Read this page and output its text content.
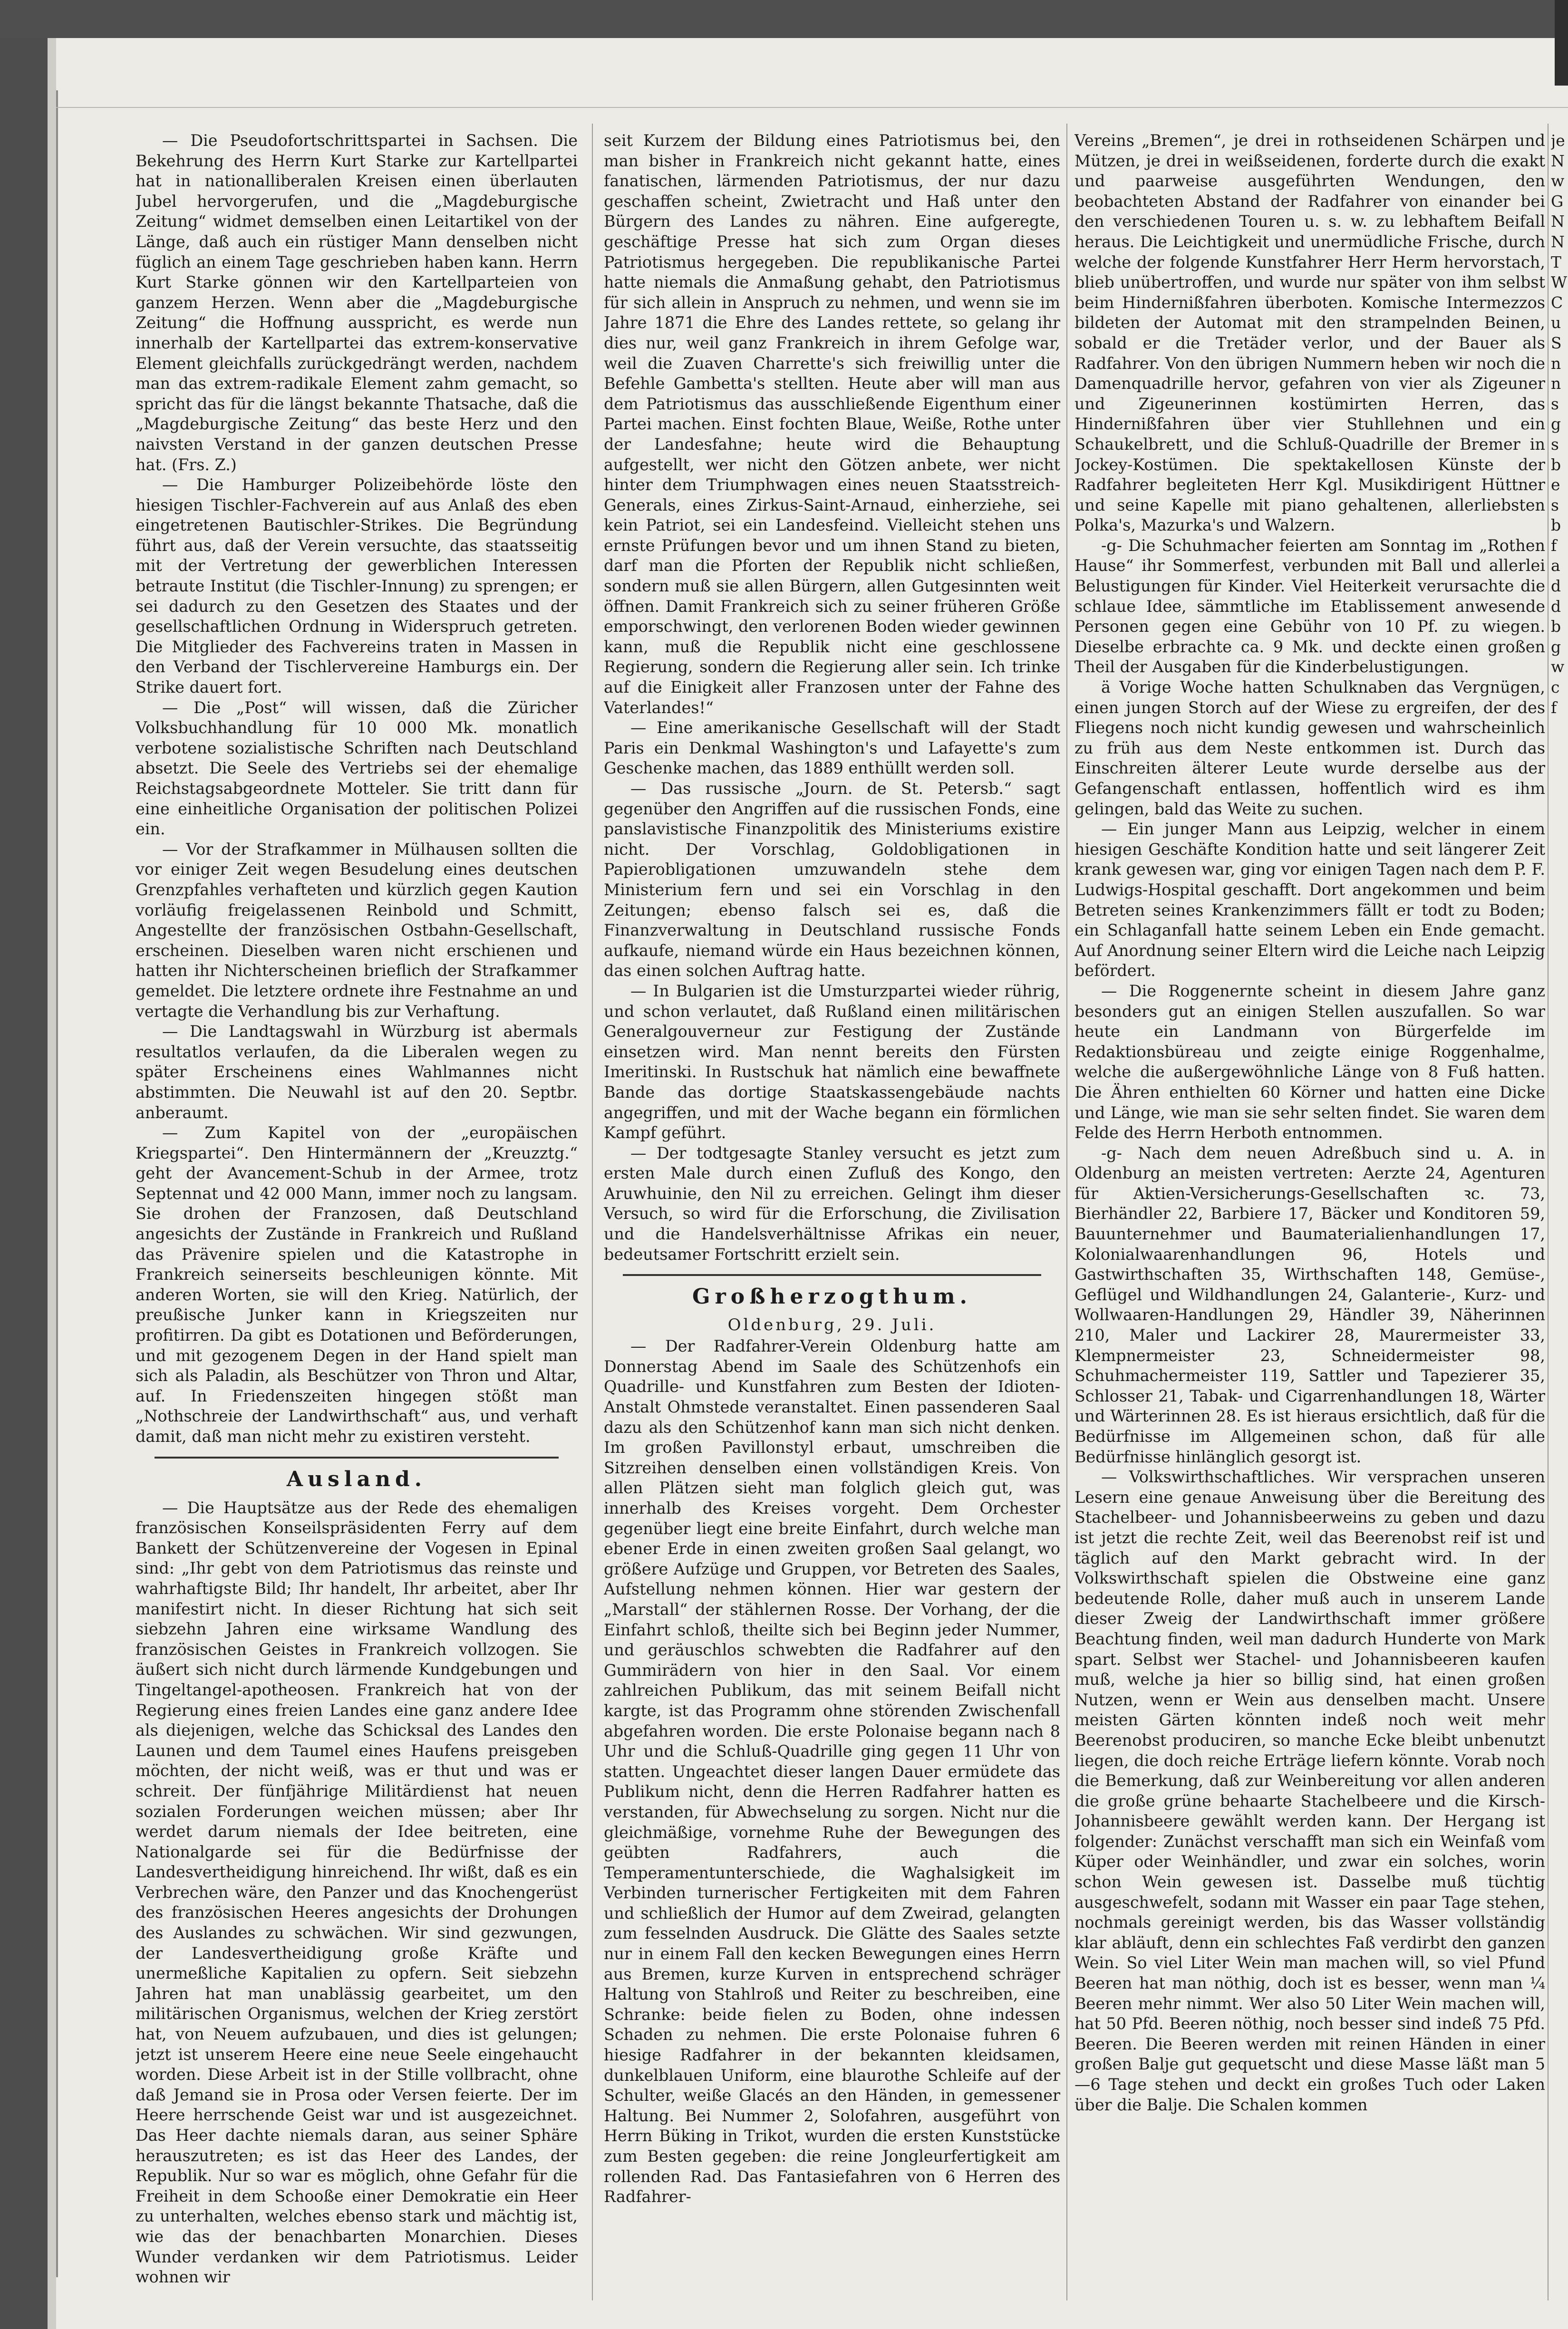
— Die Pseudofortschrittspartei in Sachsen. Die Bekehrung des Herrn Kurt Starke zur Kartellpartei hat in nationalliberalen Kreisen einen überlauten Jubel hervorgerufen, und die „Magdeburgische Zeitung“ widmet demselben einen Leitartikel von der Länge, daß auch ein rüstiger Mann denselben nicht füglich an einem Tage geschrieben haben kann. Herrn Kurt Starke gönnen wir den Kartellparteien von ganzem Herzen. Wenn aber die „Magdeburgische Zeitung“ die Hoffnung ausspricht, es werde nun innerhalb der Kartellpartei das extrem-konservative Element gleichfalls zurückgedrängt werden, nachdem man das extrem-radikale Element zahm gemacht, so spricht das für die längst bekannte Thatsache, daß die „Magdeburgische Zeitung“ das beste Herz und den naivsten Verstand in der ganzen deutschen Presse hat. (Frs. Z.)

— Die Hamburger Polizeibehörde löste den hiesigen Tischler-Fachverein auf aus Anlaß des eben eingetretenen Bautischler-Strikes. Die Begründung führt aus, daß der Verein versuchte, das staatsseitig mit der Vertretung der gewerblichen Interessen betraute Institut (die Tischler-Innung) zu sprengen; er sei dadurch zu den Gesetzen des Staates und der gesellschaftlichen Ordnung in Widerspruch getreten. Die Mitglieder des Fachvereins traten in Massen in den Verband der Tischlervereine Hamburgs ein. Der Strike dauert fort.

— Die „Post“ will wissen, daß die Züricher Volksbuchhandlung für 10 000 Mk. monatlich verbotene sozialistische Schriften nach Deutschland absetzt. Die Seele des Vertriebs sei der ehemalige Reichstagsabgeordnete Motteler. Sie tritt dann für eine einheitliche Organisation der politischen Polizei ein.

— Vor der Strafkammer in Mülhausen sollten die vor einiger Zeit wegen Besudelung eines deutschen Grenzpfahles verhafteten und kürzlich gegen Kaution vorläufig freigelassenen Reinbold und Schmitt, Angestellte der französischen Ostbahn-Gesellschaft, erscheinen. Dieselben waren nicht erschienen und hatten ihr Nichterscheinen brieflich der Strafkammer gemeldet. Die letztere ordnete ihre Festnahme an und vertagte die Verhandlung bis zur Verhaftung.

— Die Landtagswahl in Würzburg ist abermals resultatlos verlaufen, da die Liberalen wegen zu später Erscheinens eines Wahlmannes nicht abstimmten. Die Neuwahl ist auf den 20. Septbr. anberaumt.

— Zum Kapitel von der „europäischen Kriegspartei“. Den Hintermännern der „Kreuzztg.“ geht der Avancement-Schub in der Armee, trotz Septennat und 42 000 Mann, immer noch zu langsam. Sie drohen der Franzosen, daß Deutschland angesichts der Zustände in Frankreich und Rußland das Prävenire spielen und die Katastrophe in Frankreich seinerseits beschleunigen könnte. Mit anderen Worten, sie will den Krieg. Natürlich, der preußische Junker kann in Kriegszeiten nur profitirren. Da gibt es Dotationen und Beförderungen, und mit gezogenem Degen in der Hand spielt man sich als Paladin, als Beschützer von Thron und Altar, auf. In Friedenszeiten hingegen stößt man „Nothschreie der Landwirthschaft“ aus, und verhaft damit, daß man nicht mehr zu existiren versteht.

Ausland.

— Die Hauptsätze aus der Rede des ehemaligen französischen Konseilspräsidenten Ferry auf dem Bankett der Schützenvereine der Vogesen in Epinal sind: „Ihr gebt von dem Patriotismus das reinste und wahrhaftigste Bild; Ihr handelt, Ihr arbeitet, aber Ihr manifestirt nicht. In dieser Richtung hat sich seit siebzehn Jahren eine wirksame Wandlung des französischen Geistes in Frankreich vollzogen. Sie äußert sich nicht durch lärmende Kundgebungen und Tingeltangel-apotheosen. Frankreich hat von der Regierung eines freien Landes eine ganz andere Idee als diejenigen, welche das Schicksal des Landes den Launen und dem Taumel eines Haufens preisgeben möchten, der nicht weiß, was er thut und was er schreit. Der fünfjährige Militärdienst hat neuen sozialen Forderungen weichen müssen; aber Ihr werdet darum niemals der Idee beitreten, eine Nationalgarde sei für die Bedürfnisse der Landesvertheidigung hinreichend. Ihr wißt, daß es ein Verbrechen wäre, den Panzer und das Knochengerüst des französischen Heeres angesichts der Drohungen des Auslandes zu schwächen. Wir sind gezwungen, der Landesvertheidigung große Kräfte und unermeßliche Kapitalien zu opfern. Seit siebzehn Jahren hat man unablässig gearbeitet, um den militärischen Organismus, welchen der Krieg zerstört hat, von Neuem aufzubauen, und dies ist gelungen; jetzt ist unserem Heere eine neue Seele eingehaucht worden. Diese Arbeit ist in der Stille vollbracht, ohne daß Jemand sie in Prosa oder Versen feierte. Der im Heere herrschende Geist war und ist ausgezeichnet. Das Heer dachte niemals daran, aus seiner Sphäre herauszutreten; es ist das Heer des Landes, der Republik. Nur so war es möglich, ohne Gefahr für die Freiheit in dem Schooße einer Demokratie ein Heer zu unterhalten, welches ebenso stark und mächtig ist, wie das der benachbarten Monarchien. Dieses Wunder verdanken wir dem Patriotismus. Leider wohnen wir

seit Kurzem der Bildung eines Patriotismus bei, den man bisher in Frankreich nicht gekannt hatte, eines fanatischen, lärmenden Patriotismus, der nur dazu geschaffen scheint, Zwietracht und Haß unter den Bürgern des Landes zu nähren. Eine aufgeregte, geschäftige Presse hat sich zum Organ dieses Patriotismus hergegeben. Die republikanische Partei hatte niemals die Anmaßung gehabt, den Patriotismus für sich allein in Anspruch zu nehmen, und wenn sie im Jahre 1871 die Ehre des Landes rettete, so gelang ihr dies nur, weil ganz Frankreich in ihrem Gefolge war, weil die Zuaven Charrette's sich freiwillig unter die Befehle Gambetta's stellten. Heute aber will man aus dem Patriotismus das ausschließende Eigenthum einer Partei machen. Einst fochten Blaue, Weiße, Rothe unter der Landesfahne; heute wird die Behauptung aufgestellt, wer nicht den Götzen anbete, wer nicht hinter dem Triumphwagen eines neuen Staatsstreich-Generals, eines Zirkus-Saint-Arnaud, einherziehe, sei kein Patriot, sei ein Landesfeind. Vielleicht stehen uns ernste Prüfungen bevor und um ihnen Stand zu bieten, darf man die Pforten der Republik nicht schließen, sondern muß sie allen Bürgern, allen Gutgesinnten weit öffnen. Damit Frankreich sich zu seiner früheren Größe emporschwingt, den verlorenen Boden wieder gewinnen kann, muß die Republik nicht eine geschlossene Regierung, sondern die Regierung aller sein. Ich trinke auf die Einigkeit aller Franzosen unter der Fahne des Vaterlandes!“

— Eine amerikanische Gesellschaft will der Stadt Paris ein Denkmal Washington's und Lafayette's zum Geschenke machen, das 1889 enthüllt werden soll.

— Das russische „Journ. de St. Petersb.“ sagt gegenüber den Angriffen auf die russischen Fonds, eine panslavistische Finanzpolitik des Ministeriums existire nicht. Der Vorschlag, Goldobligationen in Papierobligationen umzuwandeln stehe dem Ministerium fern und sei ein Vorschlag in den Zeitungen; ebenso falsch sei es, daß die Finanzverwaltung in Deutschland russische Fonds aufkaufe, niemand würde ein Haus bezeichnen können, das einen solchen Auftrag hatte.

— In Bulgarien ist die Umsturzpartei wieder rührig, und schon verlautet, daß Rußland einen militärischen Generalgouverneur zur Festigung der Zustände einsetzen wird. Man nennt bereits den Fürsten Imeritinski. In Rustschuk hat nämlich eine bewaffnete Bande das dortige Staatskassengebäude nachts angegriffen, und mit der Wache begann ein förmlichen Kampf geführt.

— Der todtgesagte Stanley versucht es jetzt zum ersten Male durch einen Zufluß des Kongo, den Aruwhuinie, den Nil zu erreichen. Gelingt ihm dieser Versuch, so wird für die Erforschung, die Zivilisation und die Handelsverhältnisse Afrikas ein neuer, bedeutsamer Fortschritt erzielt sein.

Großherzogthum.
Oldenburg, 29. Juli.

— Der Radfahrer-Verein Oldenburg hatte am Donnerstag Abend im Saale des Schützenhofs ein Quadrille- und Kunstfahren zum Besten der Idioten-Anstalt Ohmstede veranstaltet. Einen passenderen Saal dazu als den Schützenhof kann man sich nicht denken. Im großen Pavillonstyl erbaut, umschreiben die Sitzreihen denselben einen vollständigen Kreis. Von allen Plätzen sieht man folglich gleich gut, was innerhalb des Kreises vorgeht. Dem Orchester gegenüber liegt eine breite Einfahrt, durch welche man ebener Erde in einen zweiten großen Saal gelangt, wo größere Aufzüge und Gruppen, vor Betreten des Saales, Aufstellung nehmen können. Hier war gestern der „Marstall“ der stählernen Rosse. Der Vorhang, der die Einfahrt schloß, theilte sich bei Beginn jeder Nummer, und geräuschlos schwebten die Radfahrer auf den Gummirädern von hier in den Saal. Vor einem zahlreichen Publikum, das mit seinem Beifall nicht kargte, ist das Programm ohne störenden Zwischenfall abgefahren worden. Die erste Polonaise begann nach 8 Uhr und die Schluß-Quadrille ging gegen 11 Uhr von statten. Ungeachtet dieser langen Dauer ermüdete das Publikum nicht, denn die Herren Radfahrer hatten es verstanden, für Abwechselung zu sorgen. Nicht nur die gleichmäßige, vornehme Ruhe der Bewegungen des geübten Radfahrers, auch die Temperamentunterschiede, die Waghalsigkeit im Verbinden turnerischer Fertigkeiten mit dem Fahren und schließlich der Humor auf dem Zweirad, gelangten zum fesselnden Ausdruck. Die Glätte des Saales setzte nur in einem Fall den kecken Bewegungen eines Herrn aus Bremen, kurze Kurven in entsprechend schräger Haltung von Stahlroß und Reiter zu beschreiben, eine Schranke: beide fielen zu Boden, ohne indessen Schaden zu nehmen. Die erste Polonaise fuhren 6 hiesige Radfahrer in der bekannten kleidsamen, dunkelblauen Uniform, eine blaurothe Schleife auf der Schulter, weiße Glacés an den Händen, in gemessener Haltung. Bei Nummer 2, Solofahren, ausgeführt von Herrn Büking in Trikot, wurden die ersten Kunststücke zum Besten gegeben: die reine Jongleurfertigkeit am rollenden Rad. Das Fantasiefahren von 6 Herren des Radfahrer-

Vereins „Bremen“, je drei in rothseidenen Schärpen und Mützen, je drei in weißseidenen, forderte durch die exakt und paarweise ausgeführten Wendungen, den beobachteten Abstand der Radfahrer von einander bei den verschiedenen Touren u. s. w. zu lebhaftem Beifall heraus. Die Leichtigkeit und unermüdliche Frische, durch welche der folgende Kunstfahrer Herr Herm hervorstach, blieb unübertroffen, und wurde nur später von ihm selbst beim Hindernißfahren überboten. Komische Intermezzos bildeten der Automat mit den strampelnden Beinen, sobald er die Tretäder verlor, und der Bauer als Radfahrer. Von den übrigen Nummern heben wir noch die Damenquadrille hervor, gefahren von vier als Zigeuner und Zigeunerinnen kostümirten Herren, das Hindernißfahren über vier Stuhllehnen und ein Schaukelbrett, und die Schluß-Quadrille der Bremer in Jockey-Kostümen. Die spektakellosen Künste der Radfahrer begleiteten Herr Kgl. Musikdirigent Hüttner und seine Kapelle mit piano gehaltenen, allerliebsten Polka's, Mazurka's und Walzern.

-g- Die Schuhmacher feierten am Sonntag im „Rothen Hause“ ihr Sommerfest, verbunden mit Ball und allerlei Belustigungen für Kinder. Viel Heiterkeit verursachte die schlaue Idee, sämmtliche im Etablissement anwesende Personen gegen eine Gebühr von 10 Pf. zu wiegen. Dieselbe erbrachte ca. 9 Mk. und deckte einen großen Theil der Ausgaben für die Kinderbelustigungen.

ä Vorige Woche hatten Schulknaben das Vergnügen, einen jungen Storch auf der Wiese zu ergreifen, der des Fliegens noch nicht kundig gewesen und wahrscheinlich zu früh aus dem Neste entkommen ist. Durch das Einschreiten älterer Leute wurde derselbe aus der Gefangenschaft entlassen, hoffentlich wird es ihm gelingen, bald das Weite zu suchen.

— Ein junger Mann aus Leipzig, welcher in einem hiesigen Geschäfte Kondition hatte und seit längerer Zeit krank gewesen war, ging vor einigen Tagen nach dem P. F. Ludwigs-Hospital geschafft. Dort angekommen und beim Betreten seines Krankenzimmers fällt er todt zu Boden; ein Schlaganfall hatte seinem Leben ein Ende gemacht. Auf Anordnung seiner Eltern wird die Leiche nach Leipzig befördert.

— Die Roggenernte scheint in diesem Jahre ganz besonders gut an einigen Stellen auszufallen. So war heute ein Landmann von Bürgerfelde im Redaktionsbüreau und zeigte einige Roggenhalme, welche die außergewöhnliche Länge von 8 Fuß hatten. Die Ähren enthielten 60 Körner und hatten eine Dicke und Länge, wie man sie sehr selten findet. Sie waren dem Felde des Herrn Herboth entnommen.

-g- Nach dem neuen Adreßbuch sind u. A. in Oldenburg an meisten vertreten: Aerzte 24, Agenturen für Aktien-Versicherungs-Gesellschaften ꝛc. 73, Bierhändler 22, Barbiere 17, Bäcker und Konditoren 59, Bauunternehmer und Baumaterialienhandlungen 17, Kolonialwaarenhandlungen 96, Hotels und Gastwirthschaften 35, Wirthschaften 148, Gemüse-, Geflügel und Wildhandlungen 24, Galanterie-, Kurz- und Wollwaaren-Handlungen 29, Händler 39, Näherinnen 210, Maler und Lackirer 28, Maurermeister 33, Klempnermeister 23, Schneidermeister 98, Schuhmachermeister 119, Sattler und Tapezierer 35, Schlosser 21, Tabak- und Cigarrenhandlungen 18, Wärter und Wärterinnen 28. Es ist hieraus ersichtlich, daß für die Bedürfnisse im Allgemeinen schon, daß für alle Bedürfnisse hinlänglich gesorgt ist.

— Volkswirthschaftliches. Wir versprachen unseren Lesern eine genaue Anweisung über die Bereitung des Stachelbeer- und Johannisbeerweins zu geben und dazu ist jetzt die rechte Zeit, weil das Beerenobst reif ist und täglich auf den Markt gebracht wird. In der Volkswirthschaft spielen die Obstweine eine ganz bedeutende Rolle, daher muß auch in unserem Lande dieser Zweig der Landwirthschaft immer größere Beachtung finden, weil man dadurch Hunderte von Mark spart. Selbst wer Stachel- und Johannisbeeren kaufen muß, welche ja hier so billig sind, hat einen großen Nutzen, wenn er Wein aus denselben macht. Unsere meisten Gärten könnten indeß noch weit mehr Beerenobst produciren, so manche Ecke bleibt unbenutzt liegen, die doch reiche Erträge liefern könnte. Vorab noch die Bemerkung, daß zur Weinbereitung vor allen anderen die große grüne behaarte Stachelbeere und die Kirsch-Johannisbeere gewählt werden kann. Der Hergang ist folgender: Zunächst verschafft man sich ein Weinfaß vom Küper oder Weinhändler, und zwar ein solches, worin schon Wein gewesen ist. Dasselbe muß tüchtig ausgeschwefelt, sodann mit Wasser ein paar Tage stehen, nochmals gereinigt werden, bis das Wasser vollständig klar abläuft, denn ein schlechtes Faß verdirbt den ganzen Wein. So viel Liter Wein man machen will, so viel Pfund Beeren hat man nöthig, doch ist es besser, wenn man ¼ Beeren mehr nimmt. Wer also 50 Liter Wein machen will, hat 50 Pfd. Beeren nöthig, noch besser sind indeß 75 Pfd. Beeren. Die Beeren werden mit reinen Händen in einer großen Balje gut gequetscht und diese Masse läßt man 5—6 Tage stehen und deckt ein großes Tuch oder Laken über die Balje. Die Schalen kommen

je
N
w
G
N
N
T
W
C
u
S
n
n
s
g
s
b
e
s
b
f
a
d
d
b
g
w
c
f
